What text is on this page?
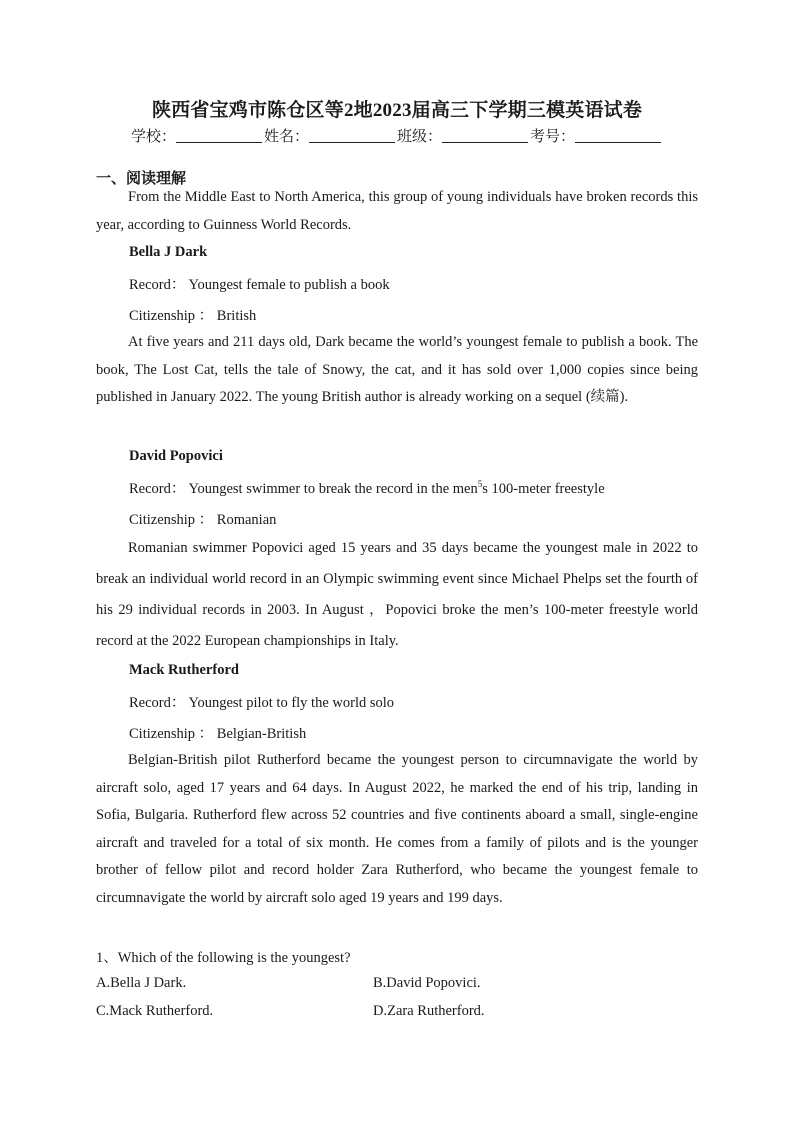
陕西省宝鸡市陈仓区等2地2023届高三下学期三模英语试卷
学校：	姓名：	班级：	考号：
一、阅读理解
From the Middle East to North America, this group of young individuals have broken records this year, according to Guinness World Records.
Bella J Dark
Record： Youngest female to publish a book
Citizenship ： British
At five years and 211 days old, Dark became the world’s youngest female to publish a book. The book, The Lost Cat, tells the tale of Snowy, the cat, and it has sold over 1,000 copies since being published in January 2022. The young British author is already working on a sequel (续篇).
David Popovici
Record： Youngest swimmer to break the record in the men$^5$s 100-meter freestyle
Citizenship ： Romanian
Romanian swimmer Popovici aged 15 years and 35 days became the youngest male in 2022 to break an individual world record in an Olympic swimming event since Michael Phelps set the fourth of his 29 individual records in 2003. In August ，Popovici broke the men’s 100-meter freestyle world record at the 2022 European championships in Italy.
Mack Rutherford
Record： Youngest pilot to fly the world solo
Citizenship ： Belgian-British
Belgian-British pilot Rutherford became the youngest person to circumnavigate the world by aircraft solo, aged 17 years and 64 days. In August 2022, he marked the end of his trip, landing in Sofia, Bulgaria. Rutherford flew across 52 countries and five continents aboard a small, single-engine aircraft and traveled for a total of six month. He comes from a family of pilots and is the younger brother of fellow pilot and record holder Zara Rutherford, who became the youngest female to circumnavigate the world by aircraft solo aged 19 years and 199 days.
1、Which of the following is the youngest?
A.Bella J Dark.	B.David Popovici.
C.Mack Rutherford.	D.Zara Rutherford.
